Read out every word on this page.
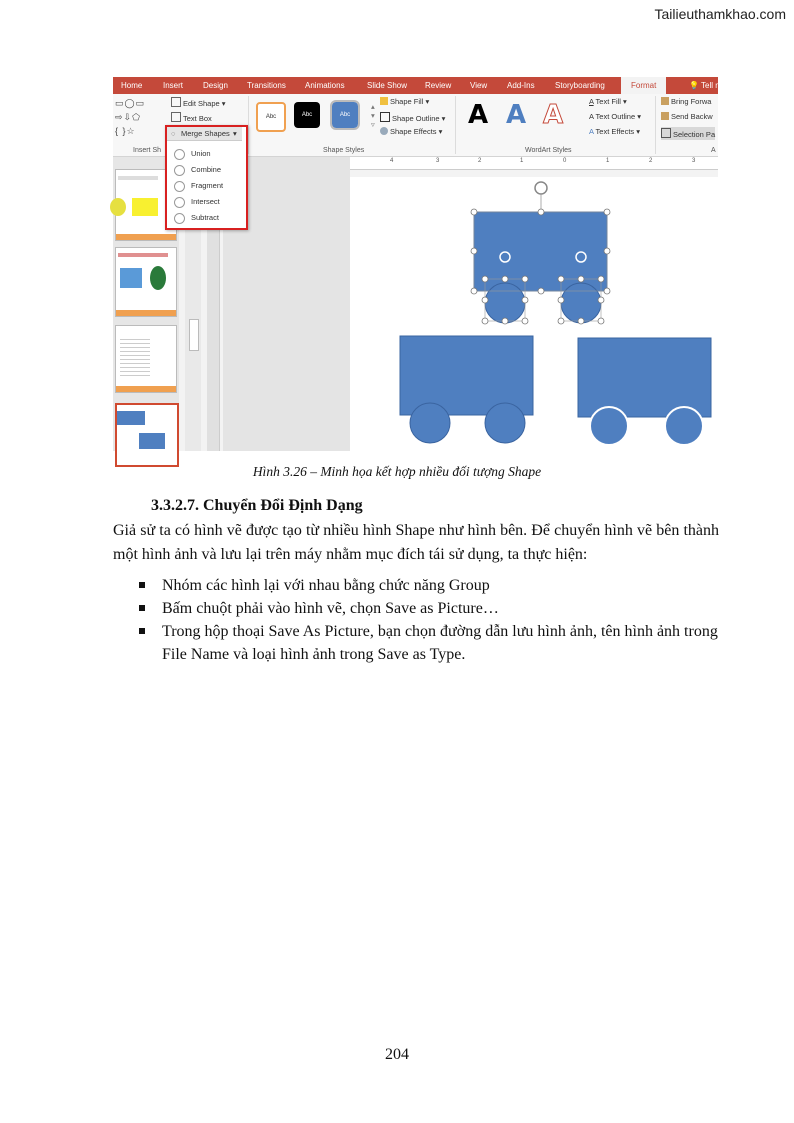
Tailieuthamkhao.com
Home	Insert Design Transitions Animations	Slide Show Review View Add-Ins	Storyboarding	Format	💡 Tell m
▭◯▭
⇨⇩⬠
{ }☆
Edit Shape ▾
Text Box
Insert Sh
Abc	Abc	Abc
▴
▾
▿
Shape Fill ▾
Shape Outline ▾
Shape Effects ▾
Shape Styles
A A A	A Text Fill ▾
A Text Outline ▾
A Text Effects ▾
WordArt Styles
Bring Forwa
Send Backw
Selection Pa
A
4	3	2	1	0	1	2	3
◌ Merge Shapes ▾
Union
Combine
Fragment
Intersect
Subtract
Hình 3.26 – Minh họa kết hợp nhiều đối tượng Shape
3.3.2.7. Chuyển Đổi Định Dạng
Giả sử ta có hình vẽ được tạo từ nhiều hình Shape như hình bên. Để chuyển hình vẽ bên thành một hình ảnh và lưu lại trên máy nhằm mục đích tái sử dụng, ta thực hiện:
Nhóm các hình lại với nhau bằng chức năng Group
Bấm chuột phải vào hình vẽ, chọn Save as Picture…
Trong hộp thoại Save As Picture, bạn chọn đường dẫn lưu hình ảnh, tên hình ảnh trong File Name và loại hình ảnh trong Save as Type.
204
